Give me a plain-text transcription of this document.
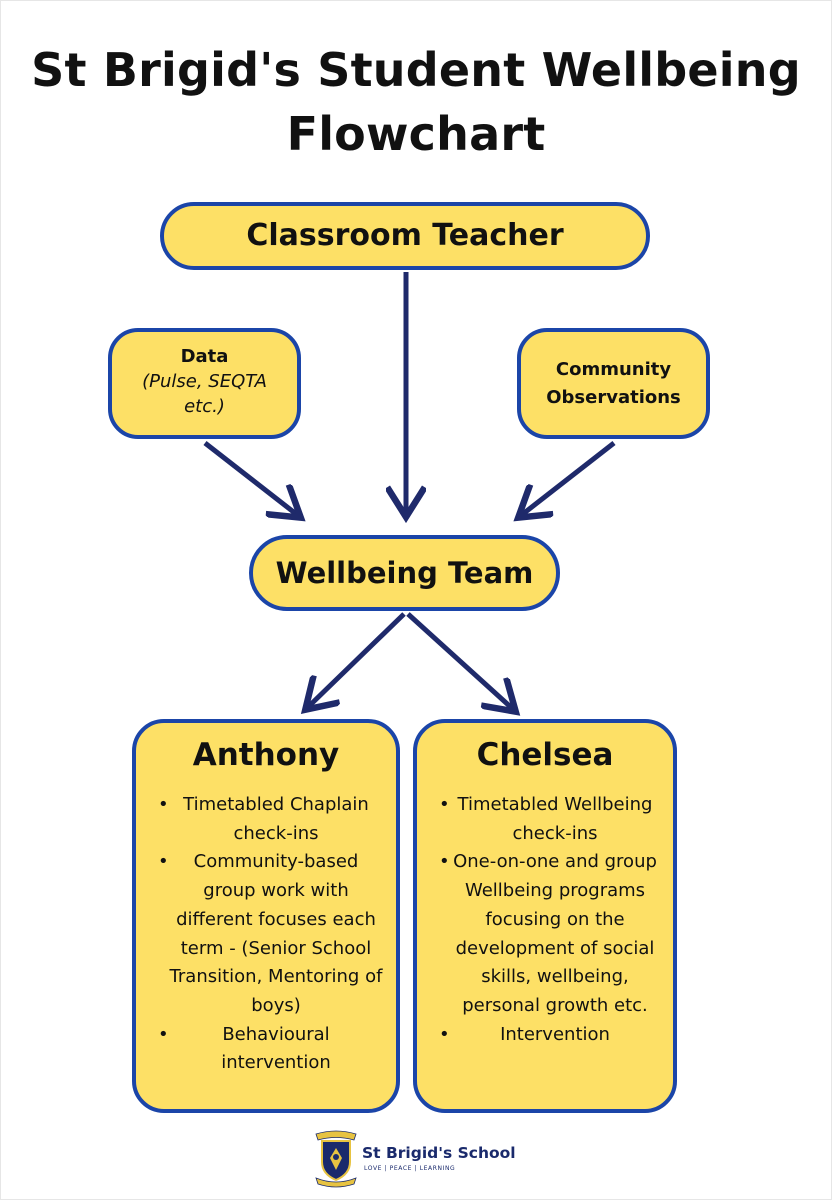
St Brigid's Student Wellbeing Flowchart
Classroom Teacher
Data
(Pulse, SEQTA etc.)
Community Observations
Wellbeing Team
Anthony
• Timetabled Chaplain check-ins
• Community-based group work with different focuses each term - (Senior School Transition, Mentoring of boys)
•	Behavioural intervention
Chelsea
• Timetabled Wellbeing check-ins
• One-on-one and group Wellbeing programs focusing on the development of social skills, wellbeing, personal growth etc.
•	Intervention
St Brigid's School
LOVE | PEACE | LEARNING
